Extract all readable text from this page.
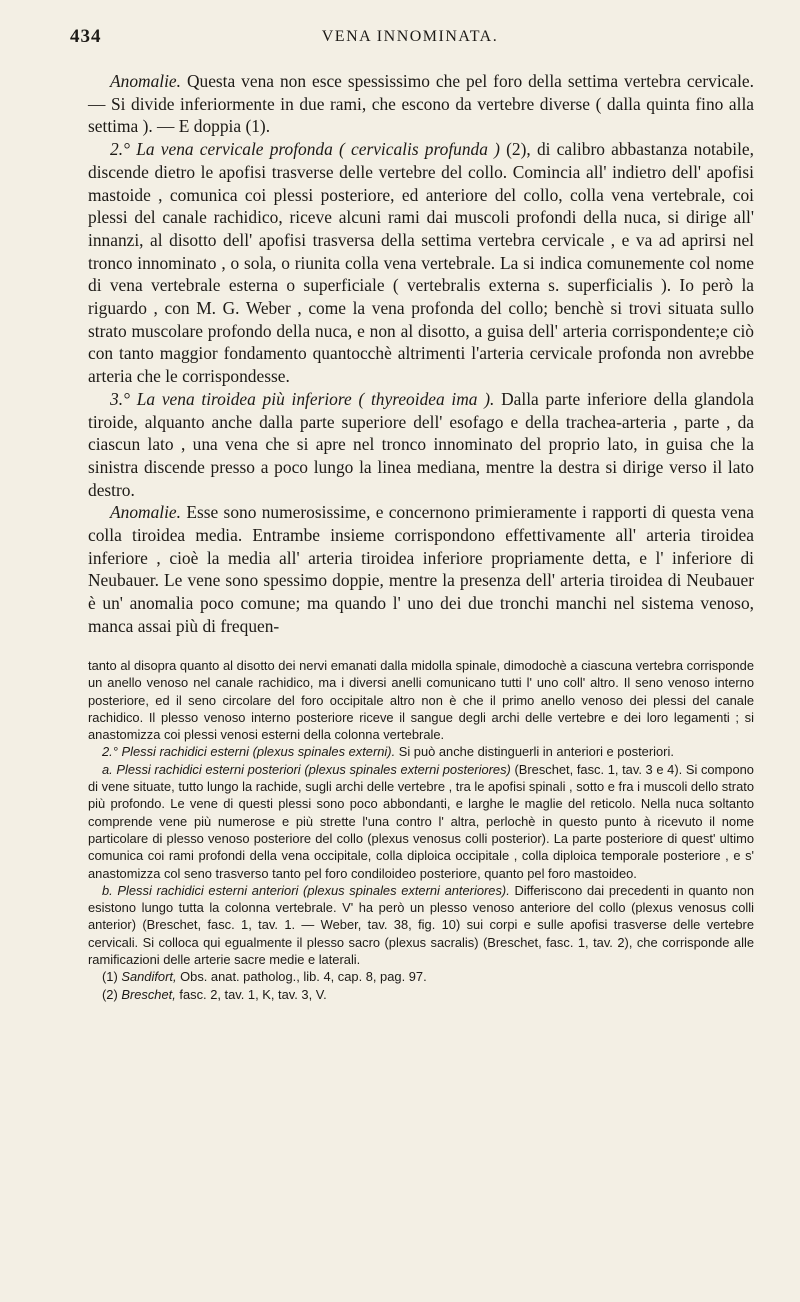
434	VENA INNOMINATA.

Anomalie. Questa vena non esce spessissimo che pel foro della settima vertebra cervicale. — Si divide inferiormente in due rami, che escono da vertebre diverse ( dalla quinta fino alla settima ). — E doppia (1).

2.° La vena cervicale profonda ( cervicalis profunda ) (2), di calibro abbastanza notabile, discende dietro le apofisi trasverse delle vertebre del collo. Comincia all' indietro dell' apofisi mastoide , comunica coi plessi posteriore, ed anteriore del collo, colla vena vertebrale, coi plessi del canale rachidico, riceve alcuni rami dai muscoli profondi della nuca, si dirige all' innanzi, al disotto dell' apofisi trasversa della settima vertebra cervicale , e va ad aprirsi nel tronco innominato , o sola, o riunita colla vena vertebrale. La si indica comunemente col nome di vena vertebrale esterna o superficiale ( vertebralis externa s. superficialis ). Io però la riguardo , con M. G. Weber , come la vena profonda del collo; benchè si trovi situata sullo strato muscolare profondo della nuca, e non al disotto, a guisa dell' arteria corrispondente;e ciò con tanto maggior fondamento quantocchè altrimenti l'arteria cervicale profonda non avrebbe arteria che le corrispondesse.

3.° La vena tiroidea più inferiore ( thyreoidea ima ). Dalla parte inferiore della glandola tiroide, alquanto anche dalla parte superiore dell' esofago e della trachea-arteria , parte , da ciascun lato , una vena che si apre nel tronco innominato del proprio lato, in guisa che la sinistra discende presso a poco lungo la linea mediana, mentre la destra si dirige verso il lato destro.

Anomalie. Esse sono numerosissime, e concernono primieramente i rapporti di questa vena colla tiroidea media. Entrambe insieme corrispondono effettivamente all' arteria tiroidea inferiore , cioè la media all' arteria tiroidea inferiore propriamente detta, e l' inferiore di Neubauer. Le vene sono spessimo doppie, mentre la presenza dell' arteria tiroidea di Neubauer è un' anomalia poco comune; ma quando l' uno dei due tronchi manchi nel sistema venoso, manca assai più di frequen-

tanto al disopra quanto al disotto dei nervi emanati dalla midolla spinale, dimodochè a ciascuna vertebra corrisponde un anello venoso nel canale rachidico, ma i diversi anelli comunicano tutti l' uno coll' altro. Il seno venoso interno posteriore, ed il seno circolare del foro occipitale altro non è che il primo anello venoso dei plessi del canale rachidico. Il plesso venoso interno posteriore riceve il sangue degli archi delle vertebre e dei loro legamenti ; si anastomizza coi plessi venosi esterni della colonna vertebrale.

2.° Plessi rachidici esterni (plexus spinales externi). Si può anche distinguerli in anteriori e posteriori.

a. Plessi rachidici esterni posteriori (plexus spinales externi posteriores) (Breschet, fasc. 1, tav. 3 e 4). Si compono di vene situate, tutto lungo la rachide, sugli archi delle vertebre , tra le apofisi spinali , sotto e fra i muscoli dello strato più profondo. Le vene di questi plessi sono poco abbondanti, e larghe le maglie del reticolo. Nella nuca soltanto comprende vene più numerose e più strette l'una contro l' altra, perlochè in questo punto à ricevuto il nome particolare di plesso venoso posteriore del collo (plexus venosus colli posterior). La parte posteriore di quest' ultimo comunica coi rami profondi della vena occipitale, colla diploica occipitale , colla diploica temporale posteriore , e s' anastomizza col seno trasverso tanto pel foro condiloideo posteriore, quanto pel foro mastoideo.

b. Plessi rachidici esterni anteriori (plexus spinales externi anteriores). Differiscono dai precedenti in quanto non esistono lungo tutta la colonna vertebrale. V' ha però un plesso venoso anteriore del collo (plexus venosus colli anterior) (Breschet, fasc. 1, tav. 1. — Weber, tav. 38, fig. 10) sui corpi e sulle apofisi trasverse delle vertebre cervicali. Si colloca qui egualmente il plesso sacro (plexus sacralis) (Breschet, fasc. 1, tav. 2), che corrisponde alle ramificazioni delle arterie sacre medie e laterali.

(1) Sandifort, Obs. anat. patholog., lib. 4, cap. 8, pag. 97.

(2) Breschet, fasc. 2, tav. 1, K, tav. 3, V.
